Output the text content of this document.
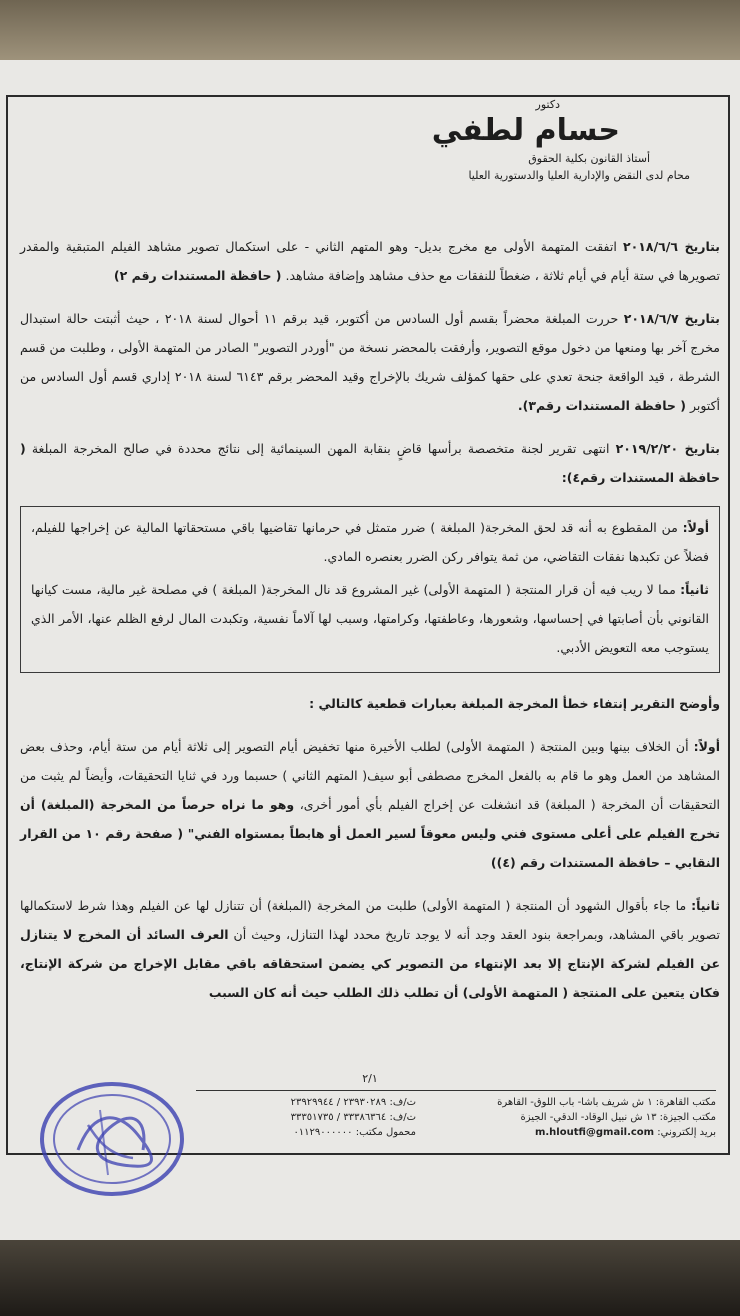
دكتور
حسام لطفي
أستاذ القانون بكلية الحقوق
محام لدى النقض والإدارية العليا والدستورية العليا

بتاريخ ٢٠١٨/٦/٦ اتفقت المتهمة الأولى مع مخرج بديل- وهو المتهم الثاني - على استكمال تصوير مشاهد الفيلم المتبقية والمقدر تصويرها في ستة أيام في أيام ثلاثة ، ضغطاً للنفقات مع حذف مشاهد وإضافة مشاهد. ( حافظة المستندات رقم ٢)

بتاريخ ٢٠١٨/٦/٧ حررت المبلغة محضراً بقسم أول السادس من أكتوبر، قيد برقم ١١ أحوال لسنة ٢٠١٨ ، حيث أثبتت حالة استبدال مخرج آخر بها ومنعها من دخول موقع التصوير، وأرفقت بالمحضر نسخة من "أوردر التصوير" الصادر من المتهمة الأولى ، وطلبت من قسم الشرطة ، قيد الواقعة جنحة تعدي على حقها كمؤلف شريك بالإخراج وقيد المحضر برقم ٦١٤٣ لسنة ٢٠١٨ إداري قسم أول السادس من أكتوبر ( حافظة المستندات رقم٣).

بتاريخ ٢٠١٩/٢/٢٠ انتهى تقرير لجنة متخصصة برأسها قاضٍ بنقابة المهن السينمائية إلى نتائج محددة في صالح المخرجة المبلغة ( حافظة المستندات رقم٤):

أولاً: من المقطوع به أنه قد لحق المخرجة( المبلغة ) ضرر متمثل في حرمانها تقاضيها باقي مستحقاتها المالية عن إخراجها للفيلم، فضلاً عن تكبدها نفقات التقاضي، من ثمة يتوافر ركن الضرر بعنصره المادي.

ثانياً: مما لا ريب فيه أن قرار المنتجة ( المتهمة الأولى) غير المشروع قد نال المخرجة( المبلغة ) في مصلحة غير مالية، مست كيانها القانوني بأن أصابتها في إحساسها، وشعورها، وعاطفتها، وكرامتها، وسبب لها آلاماً نفسية، وتكبدت المال لرفع الظلم عنها، الأمر الذي يستوجب معه التعويض الأدبي.

وأوضح التقرير إنتفاء خطأ المخرجة المبلغة بعبارات قطعية كالتالي :

أولاً: أن الخلاف بينها وبين المنتجة ( المتهمة الأولى) لطلب الأخيرة منها تخفيض أيام التصوير إلى ثلاثة أيام من ستة أيام، وحذف بعض المشاهد من العمل وهو ما قام به بالفعل المخرج مصطفى أبو سيف( المتهم الثاني ) حسبما ورد في ثنايا التحقيقات، وأيضاً لم يثبت من التحقيقات أن المخرجة ( المبلغة) قد انشغلت عن إخراج الفيلم بأي أمور أخرى، وهو ما نراه حرصاً من المخرجة (المبلغة) أن تخرج الفيلم على أعلى مستوى فني وليس معوقاً لسير العمل أو هابطاً بمستواه الفني" ( صفحة رقم ١٠ من القرار النقابي – حافظة المستندات رقم (٤))

ثانياً: ما جاء بأقوال الشهود أن المنتجة ( المتهمة الأولى) طلبت من المخرجة (المبلغة) أن تتنازل لها عن الفيلم وهذا شرط لاستكمالها تصوير باقي المشاهد، وبمراجعة بنود العقد وجد أنه لا يوجد تاريخ محدد لهذا التنازل، وحيث أن العرف السائد أن المخرج لا يتنازل عن الفيلم لشركة الإنتاج إلا بعد الإنتهاء من التصوير كي يضمن استحقاقه باقي مقابل الإخراج من شركة الإنتاج، فكان يتعين على المنتجة ( المتهمة الأولى) أن تطلب ذلك الطلب حيث أنه كان السبب

٢/١
مكتب القاهرة: ١ ش شريف باشا- باب اللوق- القاهرة
مكتب الجيزة: ١٣ ش نبيل الوقاد- الدقي- الجيزة
بريد إلكتروني: m.hloutfi@gmail.com
ت/ف: ٢٣٩٣٠٢٨٩ / ٢٣٩٢٩٩٤٤
ت/ف: ٣٣٣٨٦٣٦٤ / ٣٣٣٥١٧٣٥
محمول مكتب: ٠١١٢٩٠٠٠٠٠٠
